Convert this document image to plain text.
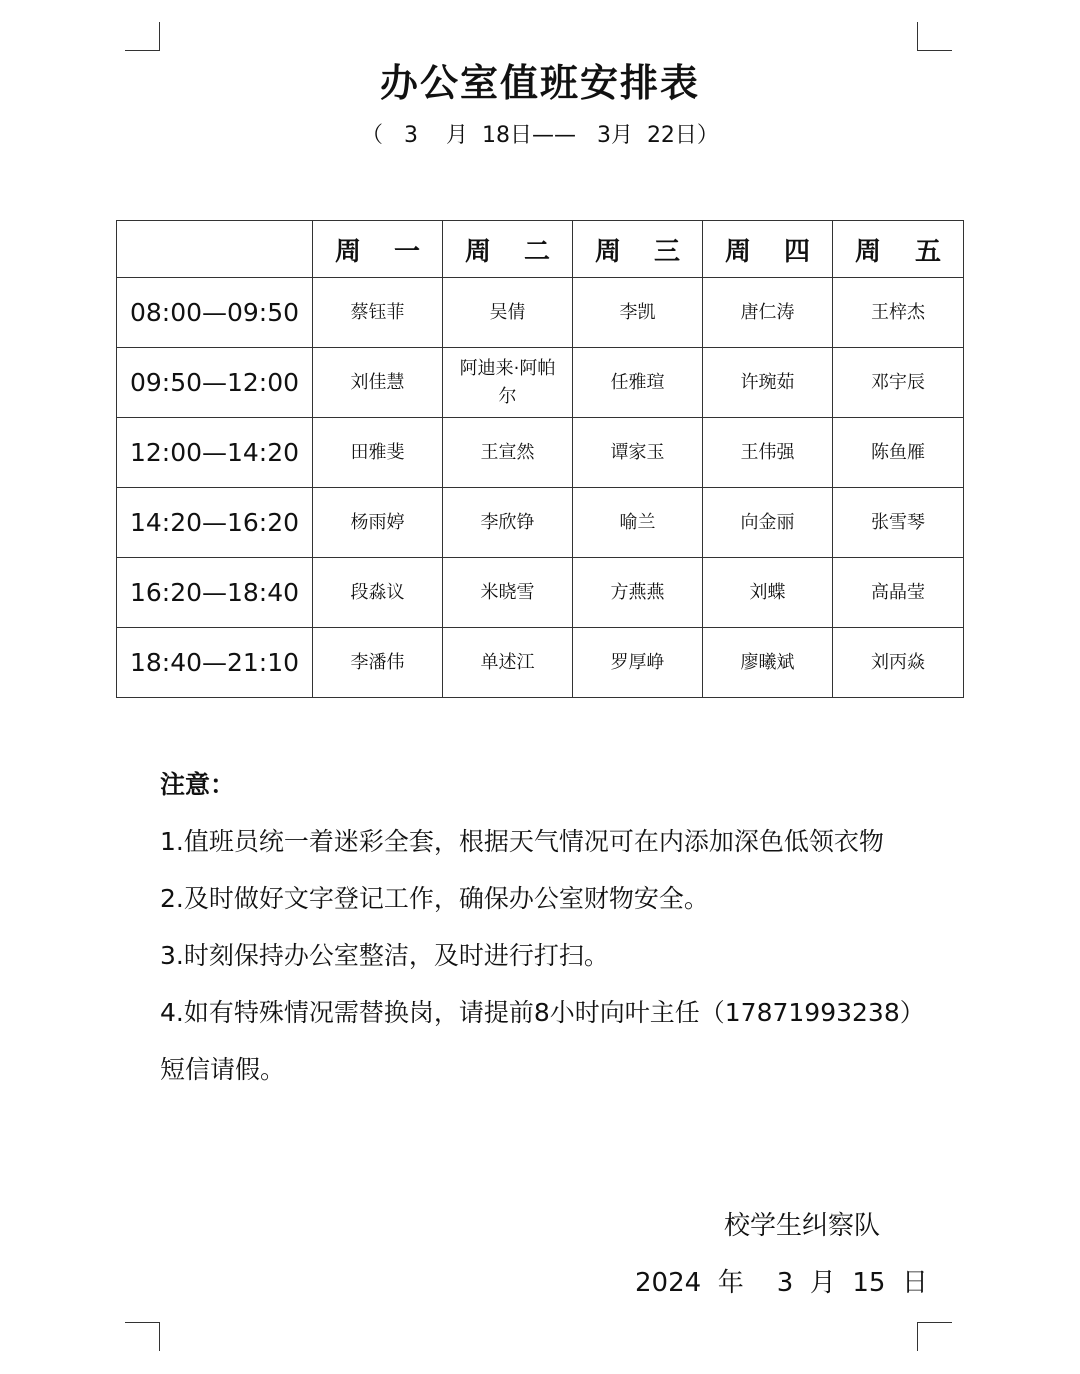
办公室值班安排表
（   3    月  18日——   3月  22日）

	周 一	周 二	周 三	周 四	周 五

08:00—09:50	蔡钰菲	吴倩	李凯	唐仁涛	王梓杰
09:50—12:00	刘佳慧	阿迪来·阿帕尔	任雅瑄	许琬茹	邓宇辰
12:00—14:20	田雅斐	王宣然	谭家玉	王伟强	陈鱼雁
14:20—16:20	杨雨婷	李欣铮	喻兰	向金丽	张雪琴
16:20—18:40	段淼议	米晓雪	方燕燕	刘蝶	高晶莹
18:40—21:10	李潘伟	单述江	罗厚峥	廖曦斌	刘丙焱

注意：

1.值班员统一着迷彩全套，根据天气情况可在内添加深色低领衣物

2.及时做好文字登记工作，确保办公室财物安全。

3.时刻保持办公室整洁，及时进行打扫。

4.如有特殊情况需替换岗，请提前8小时向叶主任（17871993238）短信请假。

校学生纠察队
2024  年    3  月  15  日
